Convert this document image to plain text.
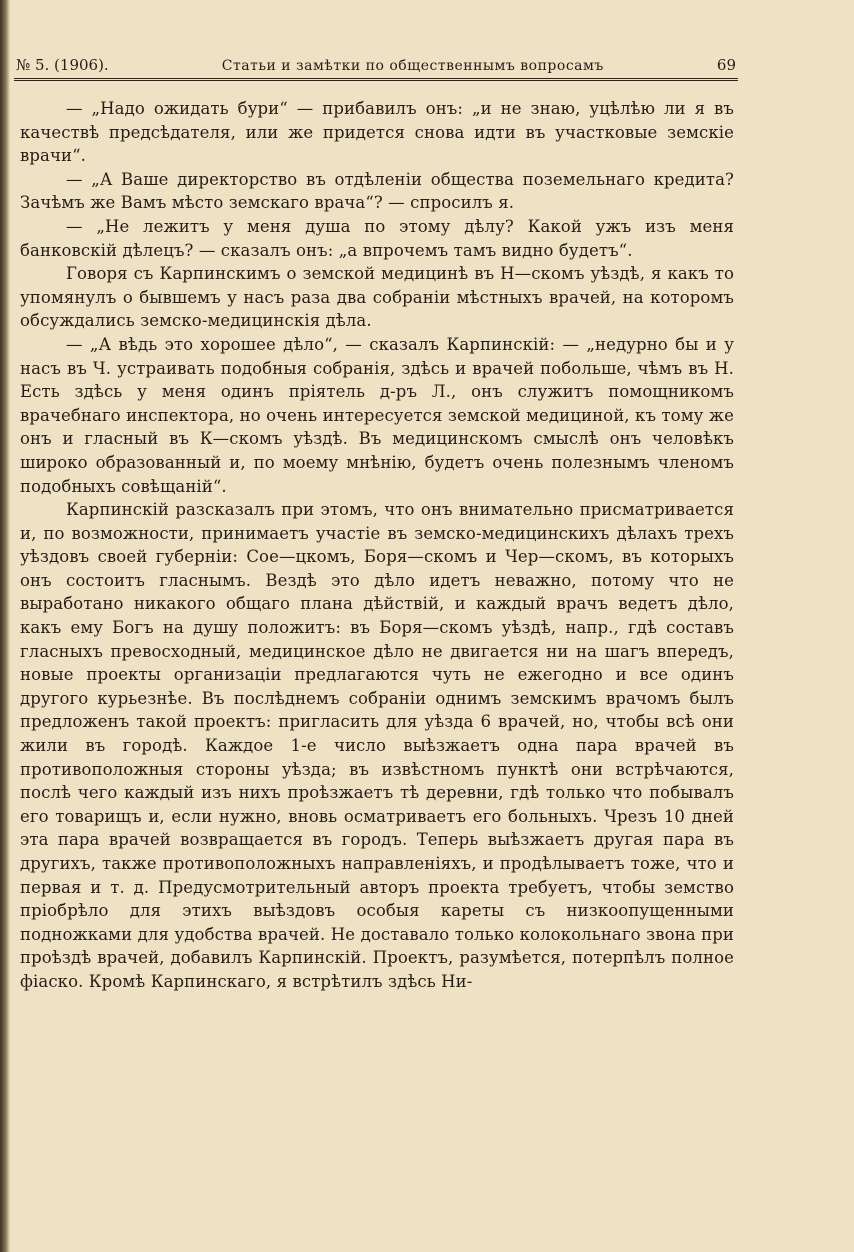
№ 5. (1906).	Статьи и замѣтки по общественнымъ вопросамъ	69

— „Надо ожидать бури“ — прибавилъ онъ: „и не знаю, уцѣлѣю ли я въ качествѣ предсѣдателя, или же придется снова идти въ участковые земскіе врачи“.

— „А Ваше директорство въ отдѣленіи общества поземельнаго кредита? Зачѣмъ же Вамъ мѣсто земскаго врача“? — спросилъ я.

— „Не лежитъ у меня душа по этому дѣлу? Какой ужъ изъ меня банковскій дѣлецъ? — сказалъ онъ: „а впрочемъ тамъ видно будетъ“.

Говоря съ Карпинскимъ о земской медицинѣ въ Н—скомъ уѣздѣ, я какъ то упомянулъ о бывшемъ у насъ раза два собраніи мѣстныхъ врачей, на которомъ обсуждались земско-медицинскія дѣла.

— „А вѣдь это хорошее дѣло“, — сказалъ Карпинскій: — „недурно бы и у насъ въ Ч. устраивать подобныя собранія, здѣсь и врачей побольше, чѣмъ въ Н. Есть здѣсь у меня одинъ пріятель д-ръ Л., онъ служитъ помощникомъ врачебнаго инспектора, но очень интересуется земской медициной, къ тому же онъ и гласный въ К—скомъ уѣздѣ. Въ медицинскомъ смыслѣ онъ человѣкъ широко образованный и, по моему мнѣнію, будетъ очень полезнымъ членомъ подобныхъ совѣщаній“.

Карпинскій разсказалъ при этомъ, что онъ внимательно присматривается и, по возможности, принимаетъ участіе въ земско-медицинскихъ дѣлахъ трехъ уѣздовъ своей губерніи: Сое—цкомъ, Боря—скомъ и Чер—скомъ, въ которыхъ онъ состоитъ гласнымъ. Вездѣ это дѣло идетъ неважно, потому что не выработано никакого общаго плана дѣйствій, и каждый врачъ ведетъ дѣло, какъ ему Богъ на душу положитъ: въ Боря—скомъ уѣздѣ, напр., гдѣ составъ гласныхъ превосходный, медицинское дѣло не двигается ни на шагъ впередъ, новые проекты организаціи предлагаются чуть не ежегодно и все одинъ другого курьезнѣе. Въ послѣднемъ собраніи однимъ земскимъ врачомъ былъ предложенъ такой проектъ: пригласить для уѣзда 6 врачей, но, чтобы всѣ они жили въ городѣ. Каждое 1-е число выѣзжаетъ одна пара врачей въ противоположныя стороны уѣзда; въ извѣстномъ пунктѣ они встрѣчаются, послѣ чего каждый изъ нихъ проѣзжаетъ тѣ деревни, гдѣ только что побывалъ его товарищъ и, если нужно, вновь осматриваетъ его больныхъ. Чрезъ 10 дней эта пара врачей возвращается въ городъ. Теперь выѣзжаетъ другая пара въ другихъ, также противоположныхъ направленіяхъ, и продѣлываетъ тоже, что и первая и т. д. Предусмотрительный авторъ проекта требуетъ, чтобы земство пріобрѣло для этихъ выѣздовъ особыя кареты съ низкоопущенными подножками для удобства врачей. Не доставало только колокольнаго звона при проѣздѣ врачей, добавилъ Карпинскій. Проектъ, разумѣется, потерпѣлъ полное фіаско. Кромѣ Карпинскаго, я встрѣтилъ здѣсь Ни-
